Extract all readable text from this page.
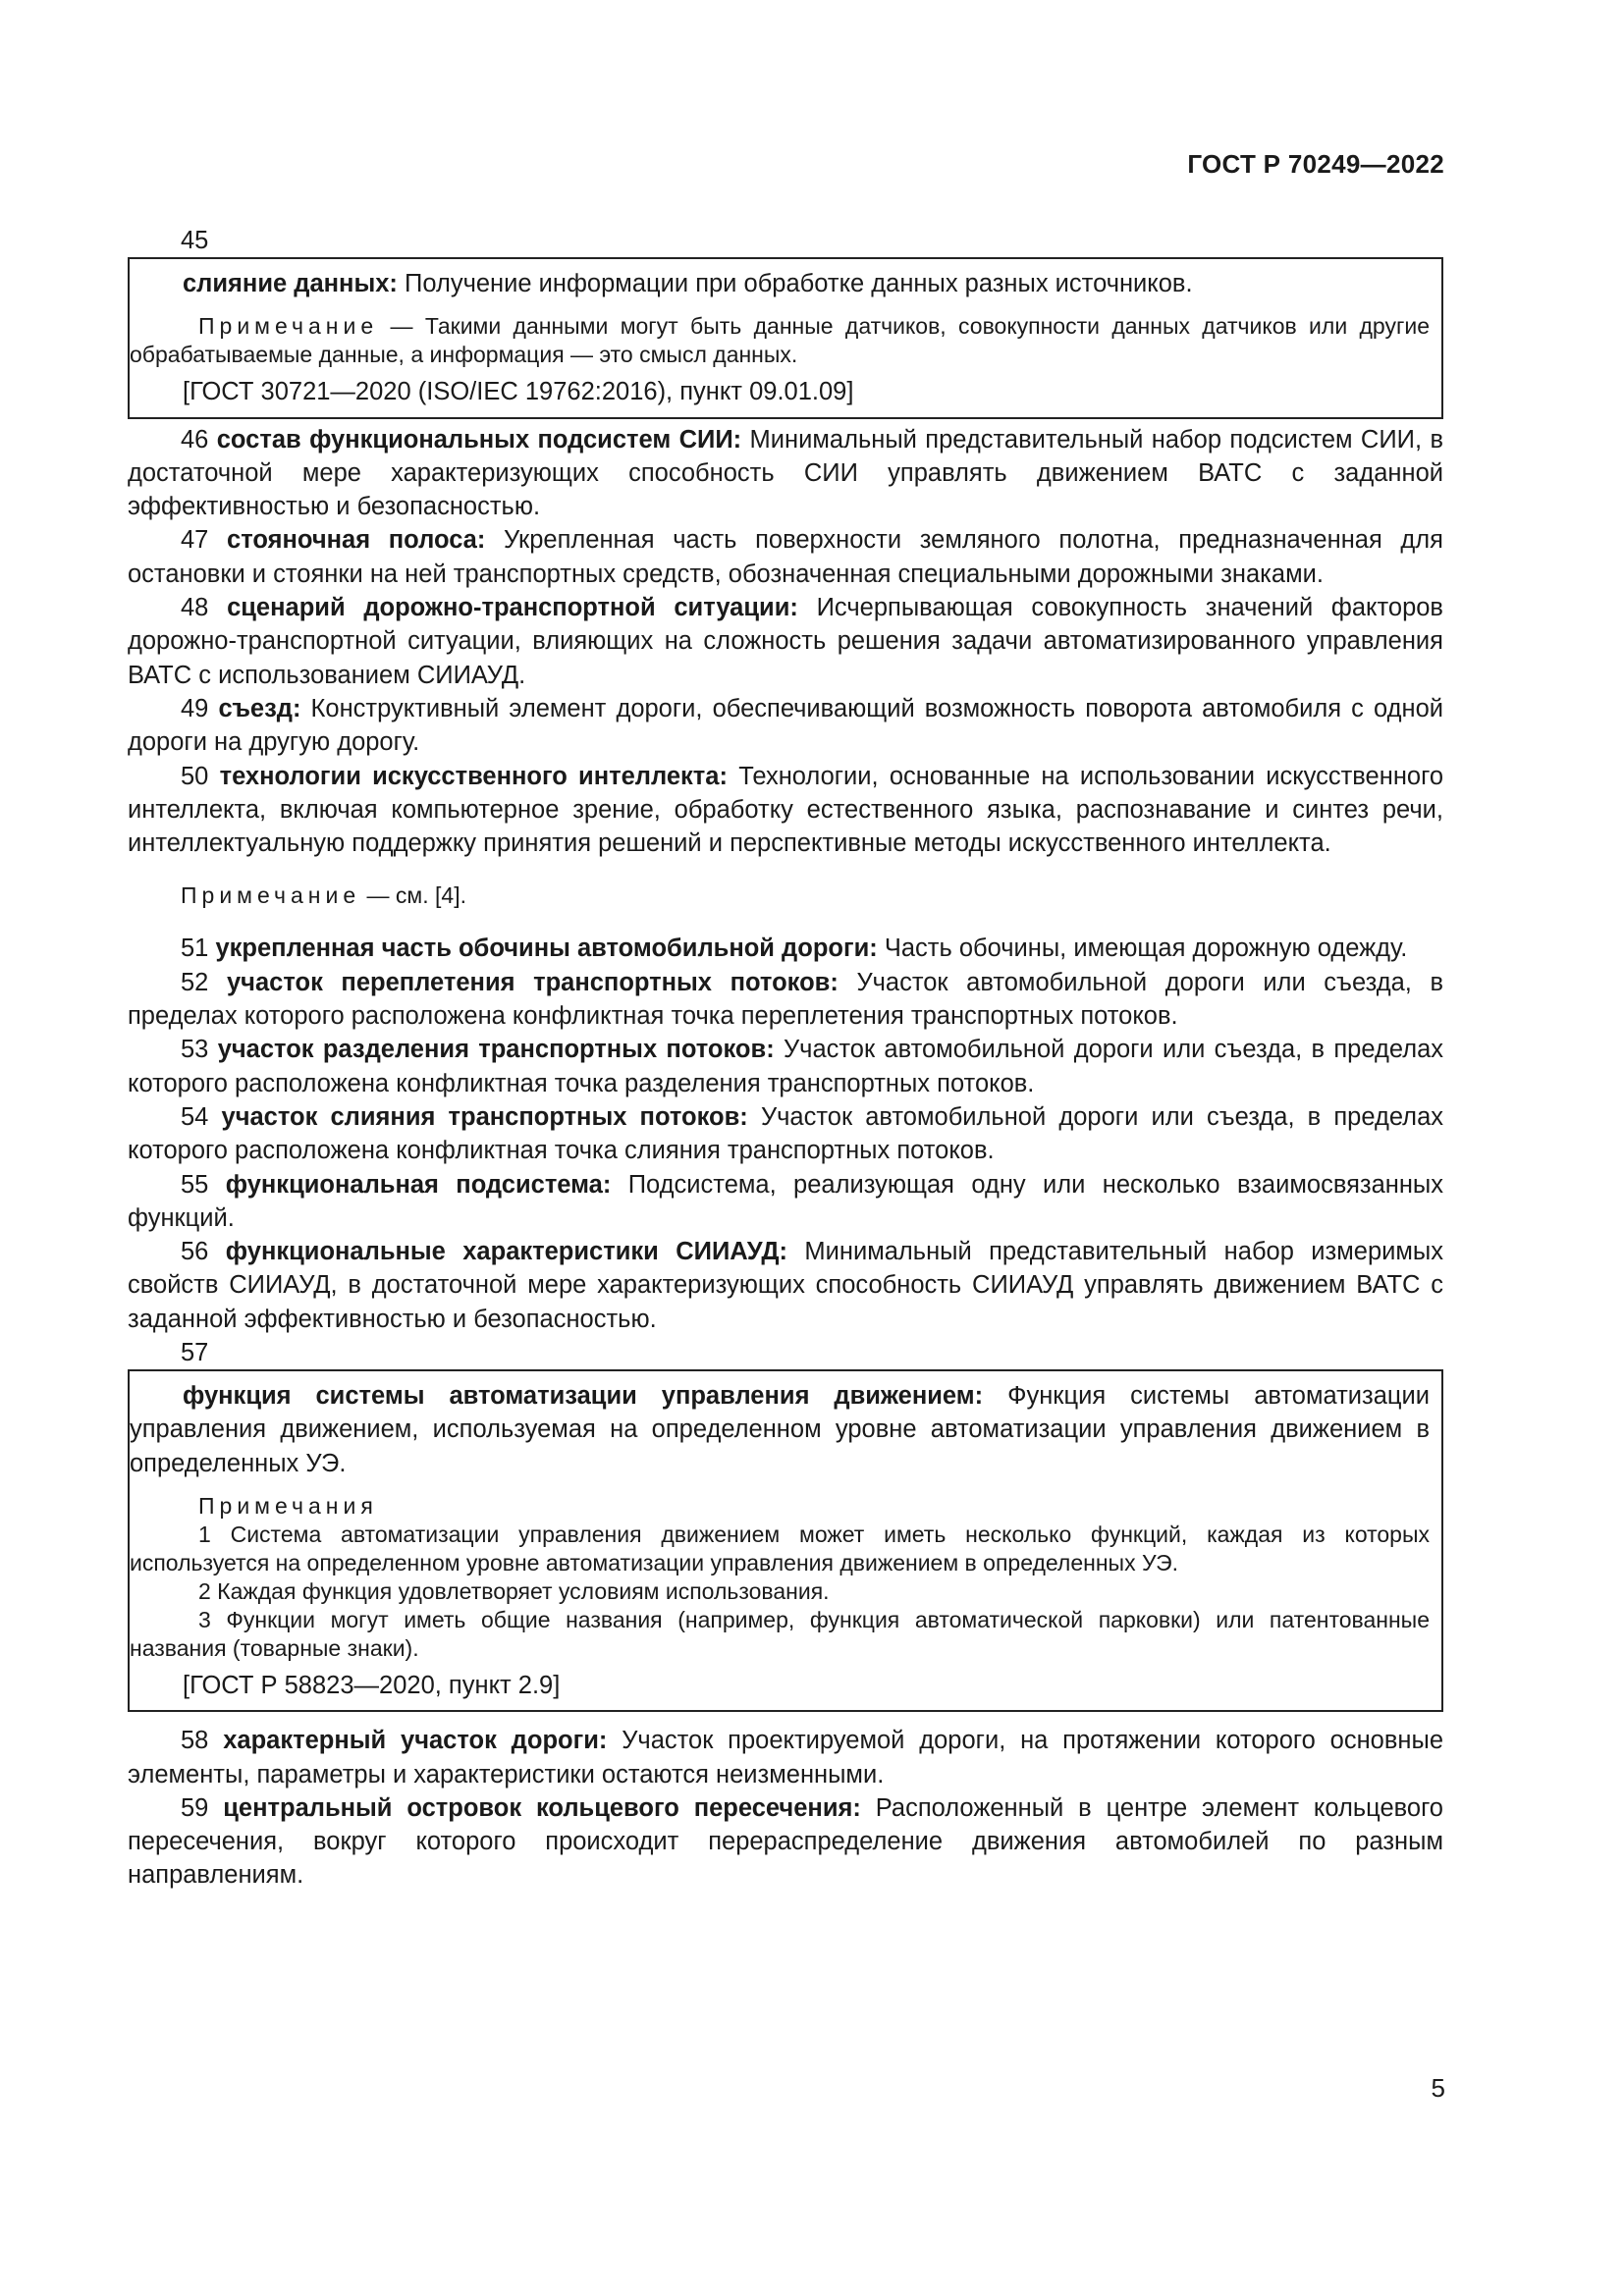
ГОСТ Р 70249—2022
45

слияние данных: Получение информации при обработке данных разных источников.

Примечание — Такими данными могут быть данные датчиков, совокупности данных датчиков или другие обрабатываемые данные, а информация — это смысл данных.

[ГОСТ 30721—2020 (ISO/IEC 19762:2016), пункт 09.01.09]

46 состав функциональных подсистем СИИ: Минимальный представительный набор подсистем СИИ, в достаточной мере характеризующих способность СИИ управлять движением ВАТС с заданной эффективностью и безопасностью.

47 стояночная полоса: Укрепленная часть поверхности земляного полотна, предназначенная для остановки и стоянки на ней транспортных средств, обозначенная специальными дорожными знаками.

48 сценарий дорожно-транспортной ситуации: Исчерпывающая совокупность значений факторов дорожно-транспортной ситуации, влияющих на сложность решения задачи автоматизированного управления ВАТС с использованием СИИАУД.

49 съезд: Конструктивный элемент дороги, обеспечивающий возможность поворота автомобиля с одной дороги на другую дорогу.

50 технологии искусственного интеллекта: Технологии, основанные на использовании искусственного интеллекта, включая компьютерное зрение, обработку естественного языка, распознавание и синтез речи, интеллектуальную поддержку принятия решений и перспективные методы искусственного интеллекта.

Примечание — см. [4].

51 укрепленная часть обочины автомобильной дороги: Часть обочины, имеющая дорожную одежду.

52 участок переплетения транспортных потоков: Участок автомобильной дороги или съезда, в пределах которого расположена конфликтная точка переплетения транспортных потоков.

53 участок разделения транспортных потоков: Участок автомобильной дороги или съезда, в пределах которого расположена конфликтная точка разделения транспортных потоков.

54 участок слияния транспортных потоков: Участок автомобильной дороги или съезда, в пределах которого расположена конфликтная точка слияния транспортных потоков.

55 функциональная подсистема: Подсистема, реализующая одну или несколько взаимосвязанных функций.

56 функциональные характеристики СИИАУД: Минимальный представительный набор измеримых свойств СИИАУД, в достаточной мере характеризующих способность СИИАУД управлять движением ВАТС с заданной эффективностью и безопасностью.

57

функция системы автоматизации управления движением: Функция системы автоматизации управления движением, используемая на определенном уровне автоматизации управления движением в определенных УЭ.

Примечания

1 Система автоматизации управления движением может иметь несколько функций, каждая из которых используется на определенном уровне автоматизации управления движением в определенных УЭ.

2 Каждая функция удовлетворяет условиям использования.

3 Функции могут иметь общие названия (например, функция автоматической парковки) или патентованные названия (товарные знаки).

[ГОСТ Р 58823—2020, пункт 2.9]

58 характерный участок дороги: Участок проектируемой дороги, на протяжении которого основные элементы, параметры и характеристики остаются неизменными.

59 центральный островок кольцевого пересечения: Расположенный в центре элемент кольцевого пересечения, вокруг которого происходит перераспределение движения автомобилей по разным направлениям.

5
